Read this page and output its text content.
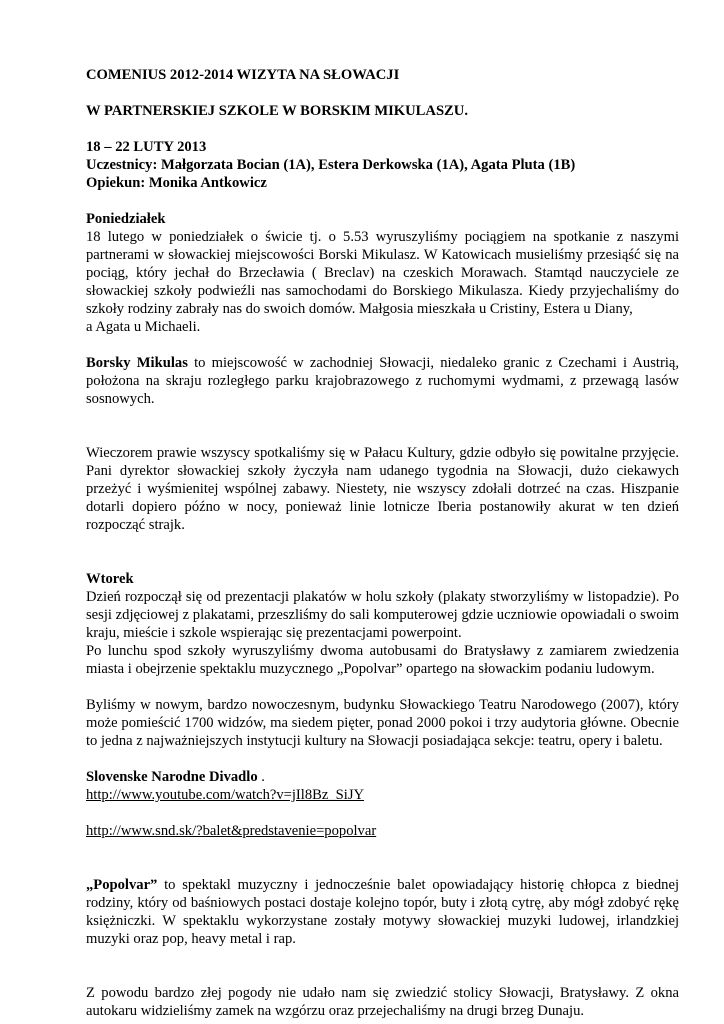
COMENIUS 2012-2014 WIZYTA NA SŁOWACJI

W PARTNERSKIEJ SZKOLE W BORSKIM MIKULASZU.

18 – 22 LUTY 2013

Uczestnicy: Małgorzata Bocian (1A), Estera Derkowska (1A), Agata Pluta (1B)

Opiekun: Monika Antkowicz

Poniedziałek

18 lutego w poniedziałek o świcie tj. o 5.53 wyruszyliśmy pociągiem na spotkanie z naszymi partnerami w słowackiej miejscowości Borski Mikulasz. W Katowicach musieliśmy przesiąść się na pociąg, który jechał do Brzecławia ( Breclav) na czeskich Morawach. Stamtąd nauczyciele ze słowackiej szkoły podwieźli nas samochodami do Borskiego Mikulasza. Kiedy przyjechaliśmy do szkoły rodziny zabrały nas do swoich domów. Małgosia mieszkała u Cristiny, Estera u Diany,

a Agata u Michaeli.

Borsky Mikulas to miejscowość w zachodniej Słowacji, niedaleko granic z Czechami i Austrią, położona na skraju rozległego parku krajobrazowego z ruchomymi wydmami, z przewagą lasów sosnowych.

Wieczorem prawie wszyscy spotkaliśmy się w Pałacu Kultury, gdzie odbyło się powitalne przyjęcie. Pani dyrektor słowackiej szkoły życzyła nam udanego tygodnia na Słowacji, dużo ciekawych przeżyć i wyśmienitej wspólnej zabawy. Niestety, nie wszyscy zdołali dotrzeć na czas. Hiszpanie dotarli dopiero późno w nocy, ponieważ linie lotnicze Iberia postanowiły akurat w ten dzień rozpocząć strajk.

Wtorek

Dzień rozpoczął się od prezentacji plakatów w holu szkoły (plakaty stworzyliśmy w listopadzie). Po sesji zdjęciowej z plakatami, przeszliśmy do sali komputerowej gdzie uczniowie opowiadali o swoim kraju, mieście i szkole wspierając się prezentacjami powerpoint.

Po lunchu spod szkoły wyruszyliśmy dwoma autobusami do Bratysławy z zamiarem zwiedzenia miasta i obejrzenie spektaklu muzycznego „Popolvar” opartego na słowackim podaniu ludowym.

Byliśmy w nowym, bardzo nowoczesnym, budynku Słowackiego Teatru Narodowego (2007), który może pomieścić 1700 widzów, ma siedem pięter, ponad 2000 pokoi i trzy audytoria główne. Obecnie to jedna z najważniejszych instytucji kultury na Słowacji posiadająca sekcje: teatru, opery i baletu.

Slovenske Narodne Divadlo .

http://www.youtube.com/watch?v=jIl8Bz_SiJY

http://www.snd.sk/?balet&predstavenie=popolvar

„Popolvar” to spektakl muzyczny i jednocześnie balet opowiadający historię chłopca z biednej rodziny, który od baśniowych postaci dostaje kolejno topór, buty i złotą cytrę, aby mógł zdobyć rękę księżniczki. W spektaklu wykorzystane zostały motywy słowackiej muzyki ludowej, irlandzkiej muzyki oraz pop, heavy metal i rap.

Z powodu bardzo złej pogody nie udało nam się zwiedzić stolicy Słowacji, Bratysławy. Z okna autokaru widzieliśmy zamek na wzgórzu oraz przejechaliśmy na drugi brzeg Dunaju.
